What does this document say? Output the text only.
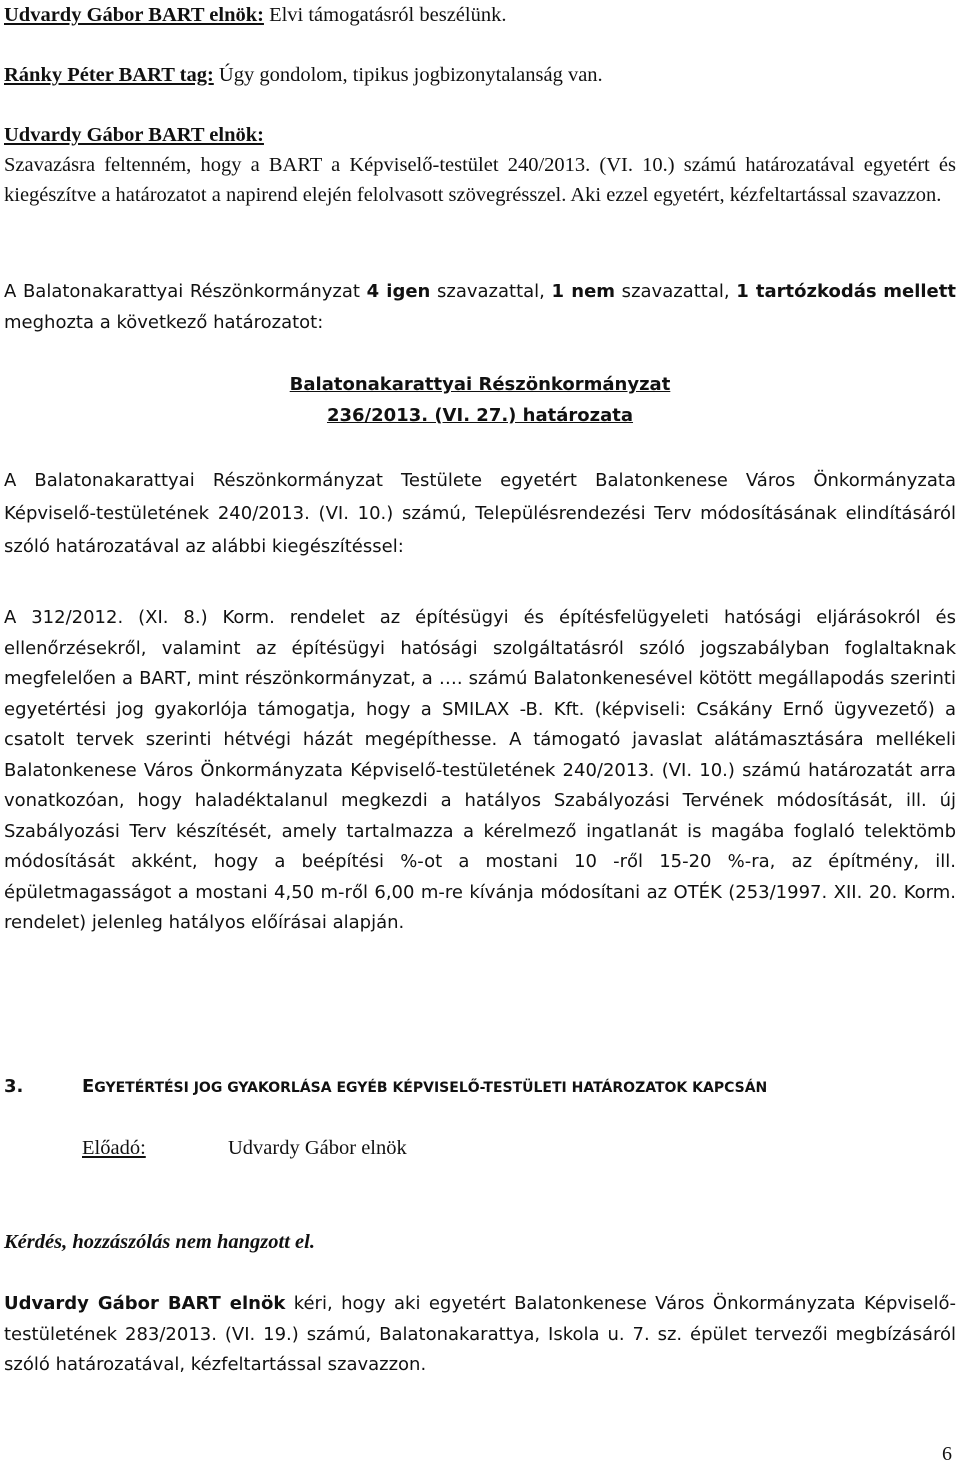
Udvardy Gábor BART elnök: Elvi támogatásról beszélünk.
Ránky Péter BART tag: Úgy gondolom, tipikus jogbizonytalanság van.
Udvardy Gábor BART elnök:

Szavazásra feltenném, hogy a BART a Képviselő-testület 240/2013. (VI. 10.) számú határozatával egyetért és kiegészítve a határozatot a napirend elején felolvasott szövegrésszel. Aki ezzel egyetért, kézfeltartással szavazzon.

A Balatonakarattyai Részönkormányzat 4 igen szavazattal, 1 nem szavazattal, 1 tartózkodás mellett meghozta a következő határozatot:
Balatonakarattyai Részönkormányzat
236/2013. (VI. 27.) határozata

A Balatonakarattyai Részönkormányzat Testülete egyetért Balatonkenese Város Önkormányzata Képviselő-testületének 240/2013. (VI. 10.) számú, Településrendezési Terv módosításának elindításáról szóló határozatával az alábbi kiegészítéssel:

A 312/2012. (XI. 8.) Korm. rendelet az építésügyi és építésfelügyeleti hatósági eljárásokról és ellenőrzésekről, valamint az építésügyi hatósági szolgáltatásról szóló jogszabályban foglaltaknak megfelelően a BART, mint részönkormányzat, a …. számú Balatonkenesével kötött megállapodás szerinti egyetértési jog gyakorlója támogatja, hogy a SMILAX -B. Kft. (képviseli: Csákány Ernő ügyvezető) a csatolt tervek szerinti hétvégi házát megépíthesse. A támogató javaslat alátámasztására mellékeli Balatonkenese Város Önkormányzata Képviselő-testületének 240/2013. (VI. 10.) számú határozatát arra vonatkozóan, hogy haladéktalanul megkezdi a hatályos Szabályozási Tervének módosítását, ill. új Szabályozási Terv készítését, amely tartalmazza a kérelmező ingatlanát is magába foglaló telektömb módosítását akként, hogy a beépítési %-ot a mostani 10 -ről 15-20 %-ra, az építmény, ill. épületmagasságot a mostani 4,50 m-ről 6,00 m-re kívánja módosítani az OTÉK (253/1997. XII. 20. Korm. rendelet) jelenleg hatályos előírásai alapján.

3.	EGYETÉRTÉSI JOG GYAKORLÁSA EGYÉB KÉPVISELŐ-TESTÜLETI HATÁROZATOK KAPCSÁN
Előadó:	Udvardy Gábor elnök
Kérdés, hozzászólás nem hangzott el.

Udvardy Gábor BART elnök kéri, hogy aki egyetért Balatonkenese Város Önkormányzata Képviselő-testületének 283/2013. (VI. 19.) számú, Balatonakarattya, Iskola u. 7. sz. épület tervezői megbízásáról szóló határozatával, kézfeltartással szavazzon.

6
